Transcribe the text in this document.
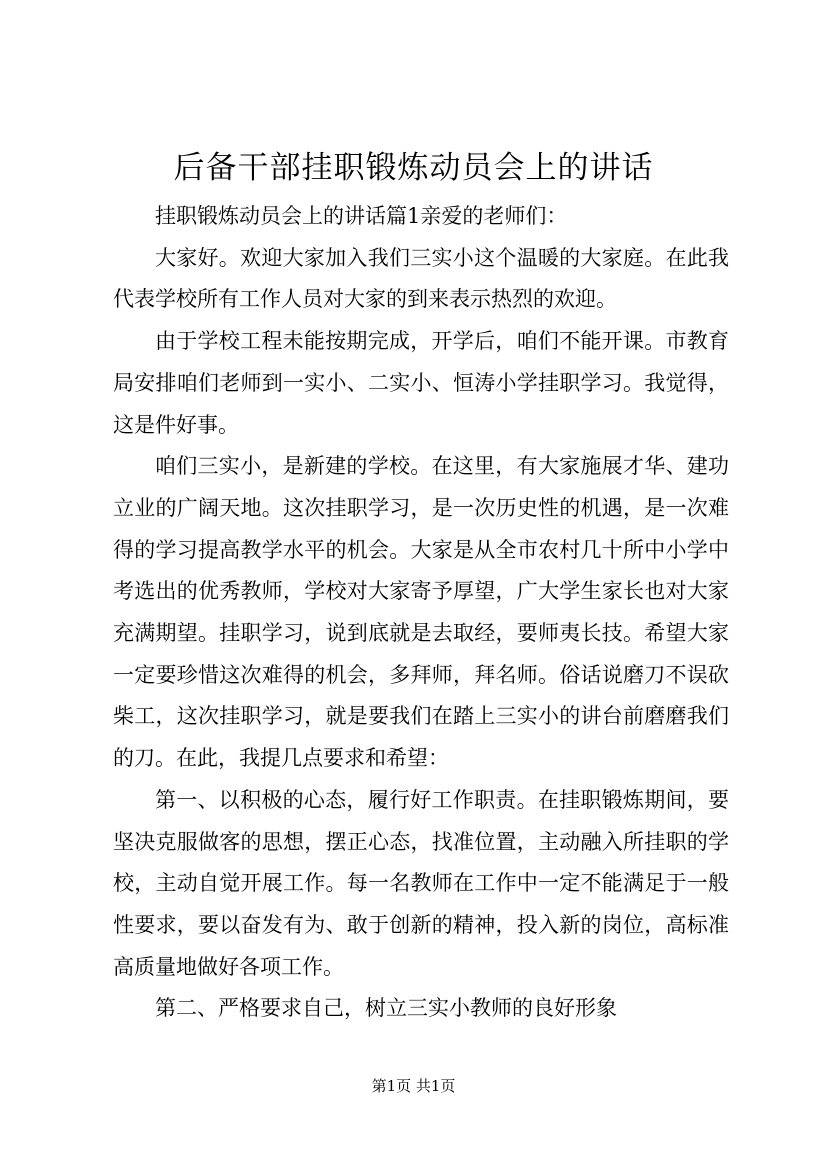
后备干部挂职锻炼动员会上的讲话

挂职锻炼动员会上的讲话篇1亲爱的老师们：

大家好。欢迎大家加入我们三实小这个温暖的大家庭。在此我代表学校所有工作人员对大家的到来表示热烈的欢迎。

由于学校工程未能按期完成，开学后，咱们不能开课。市教育局安排咱们老师到一实小、二实小、恒涛小学挂职学习。我觉得，这是件好事。

咱们三实小，是新建的学校。在这里，有大家施展才华、建功立业的广阔天地。这次挂职学习，是一次历史性的机遇，是一次难得的学习提高教学水平的机会。大家是从全市农村几十所中小学中考选出的优秀教师，学校对大家寄予厚望，广大学生家长也对大家充满期望。挂职学习，说到底就是去取经，要师夷长技。希望大家一定要珍惜这次难得的机会，多拜师，拜名师。俗话说磨刀不误砍柴工，这次挂职学习，就是要我们在踏上三实小的讲台前磨磨我们的刀。在此，我提几点要求和希望：

第一、以积极的心态，履行好工作职责。在挂职锻炼期间，要坚决克服做客的思想，摆正心态，找准位置，主动融入所挂职的学校，主动自觉开展工作。每一名教师在工作中一定不能满足于一般性要求，要以奋发有为、敢于创新的精神，投入新的岗位，高标准高质量地做好各项工作。

第二、严格要求自己，树立三实小教师的良好形象

第1页 共1页
